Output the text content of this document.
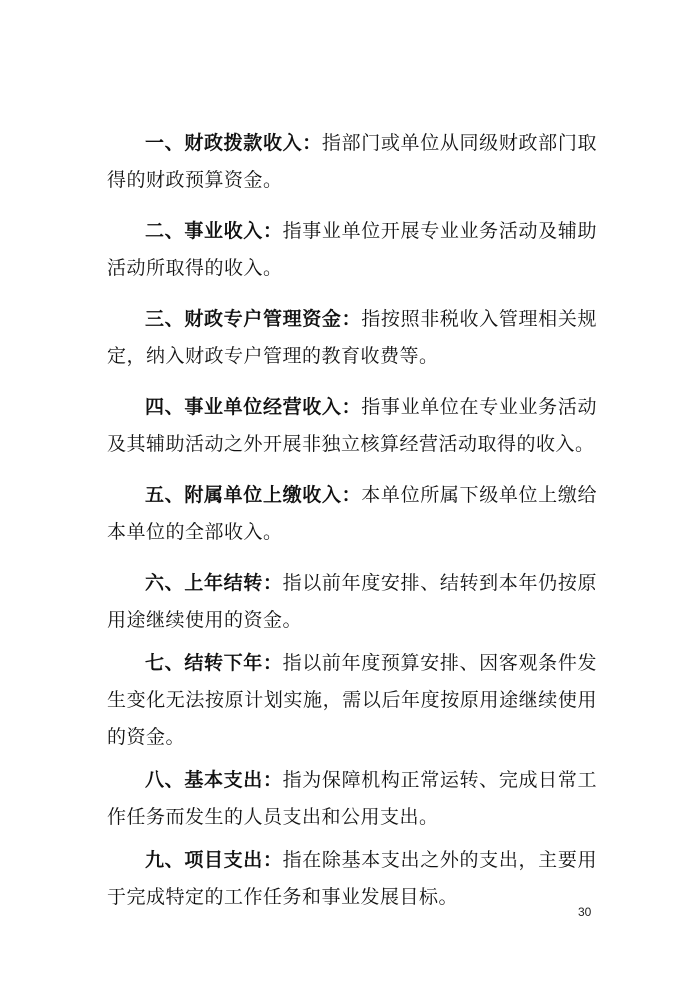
一、财政拨款收入：指部门或单位从同级财政部门取得的财政预算资金。

二、事业收入：指事业单位开展专业业务活动及辅助活动所取得的收入。

三、财政专户管理资金：指按照非税收入管理相关规定，纳入财政专户管理的教育收费等。

四、事业单位经营收入：指事业单位在专业业务活动及其辅助活动之外开展非独立核算经营活动取得的收入。

五、附属单位上缴收入：本单位所属下级单位上缴给本单位的全部收入。

六、上年结转：指以前年度安排、结转到本年仍按原用途继续使用的资金。

七、结转下年：指以前年度预算安排、因客观条件发生变化无法按原计划实施，需以后年度按原用途继续使用的资金。

八、基本支出：指为保障机构正常运转、完成日常工作任务而发生的人员支出和公用支出。

九、项目支出：指在除基本支出之外的支出，主要用于完成特定的工作任务和事业发展目标。

30
